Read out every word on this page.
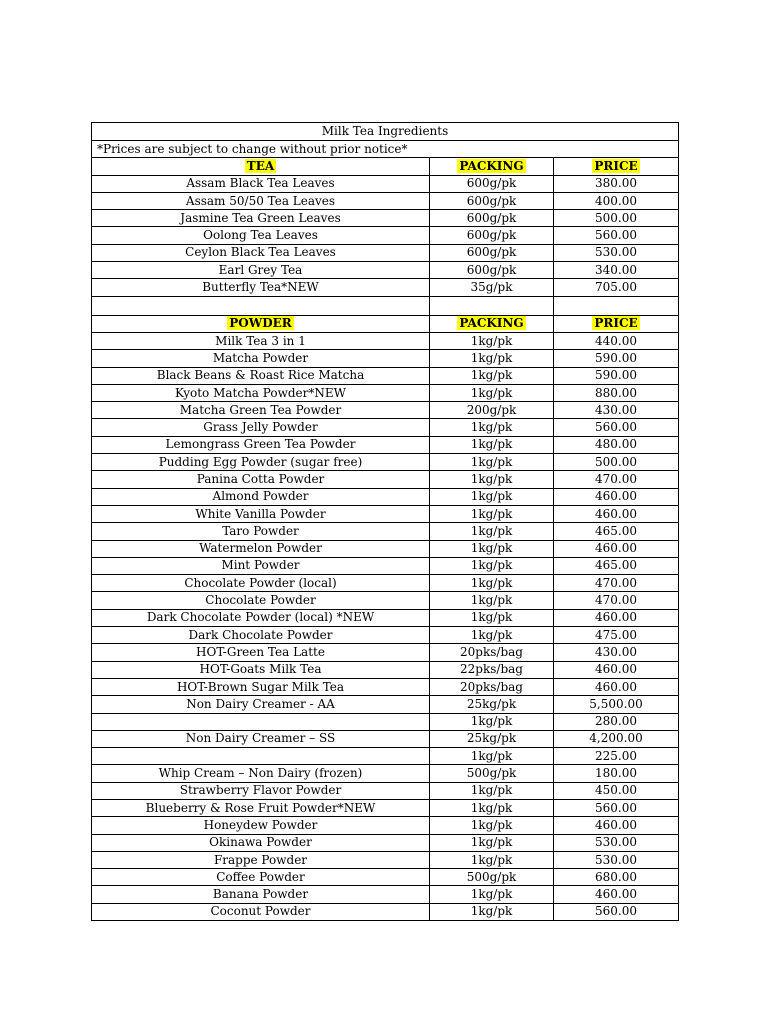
Milk Tea Ingredients		
*Prices are subject to change without prior notice*		
TEA	PACKING	PRICE
Assam Black Tea Leaves	600g/pk	380.00
Assam 50/50 Tea Leaves	600g/pk	400.00
Jasmine Tea Green Leaves	600g/pk	500.00
Oolong Tea Leaves	600g/pk	560.00
Ceylon Black Tea Leaves	600g/pk	530.00
Earl Grey Tea	600g/pk	340.00
Butterfly Tea*NEW	35g/pk	705.00

POWDER	PACKING	PRICE
Milk Tea 3 in 1	1kg/pk	440.00
Matcha Powder	1kg/pk	590.00
Black Beans & Roast Rice Matcha	1kg/pk	590.00
Kyoto Matcha Powder*NEW	1kg/pk	880.00
Matcha Green Tea Powder	200g/pk	430.00
Grass Jelly Powder	1kg/pk	560.00
Lemongrass Green Tea Powder	1kg/pk	480.00
Pudding Egg Powder (sugar free)	1kg/pk	500.00
Panina Cotta Powder	1kg/pk	470.00
Almond Powder	1kg/pk	460.00
White Vanilla Powder	1kg/pk	460.00
Taro Powder	1kg/pk	465.00
Watermelon Powder	1kg/pk	460.00
Mint Powder	1kg/pk	465.00
Chocolate Powder (local)	1kg/pk	470.00
Chocolate Powder	1kg/pk	470.00
Dark Chocolate Powder (local) *NEW	1kg/pk	460.00
Dark Chocolate Powder	1kg/pk	475.00
HOT-Green Tea Latte	20pks/bag	430.00
HOT-Goats Milk Tea	22pks/bag	460.00
HOT-Brown Sugar Milk Tea	20pks/bag	460.00
Non Dairy Creamer - AA	25kg/pk	5,500.00
	1kg/pk	280.00
Non Dairy Creamer – SS	25kg/pk	4,200.00
	1kg/pk	225.00
Whip Cream – Non Dairy (frozen)	500g/pk	180.00
Strawberry Flavor Powder	1kg/pk	450.00
Blueberry & Rose Fruit Powder*NEW	1kg/pk	560.00
Honeydew Powder	1kg/pk	460.00
Okinawa Powder	1kg/pk	530.00
Frappe Powder	1kg/pk	530.00
Coffee Powder	500g/pk	680.00
Banana Powder	1kg/pk	460.00
Coconut Powder	1kg/pk	560.00
